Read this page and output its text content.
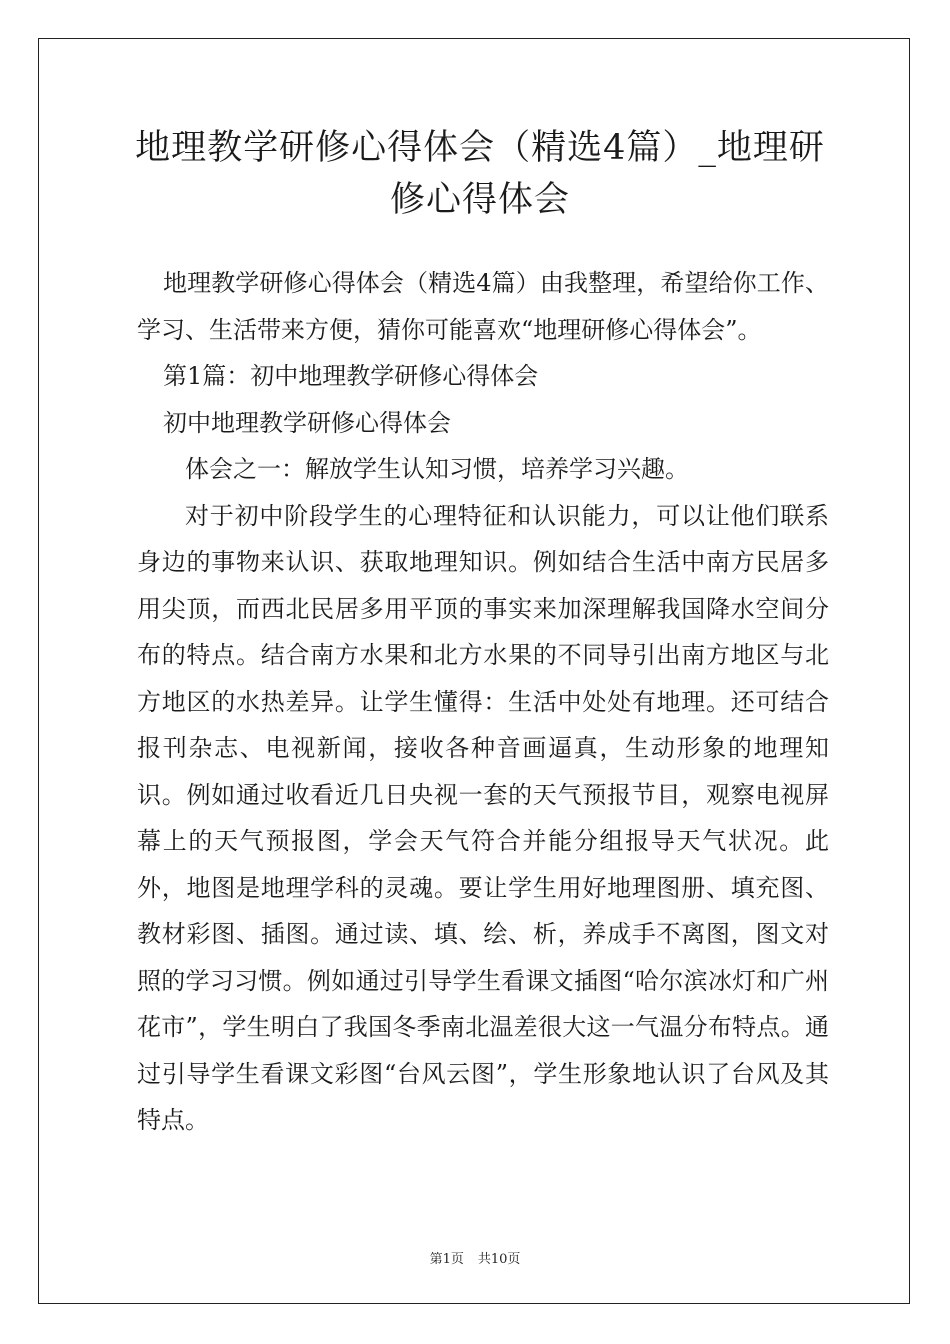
地理教学研修心得体会（精选4篇）_地理研修心得体会

地理教学研修心得体会（精选4篇）由我整理，希望给你工作、学习、生活带来方便，猜你可能喜欢“地理研修心得体会”。

第1篇：初中地理教学研修心得体会

初中地理教学研修心得体会

体会之一：解放学生认知习惯，培养学习兴趣。

对于初中阶段学生的心理特征和认识能力，可以让他们联系身边的事物来认识、获取地理知识。例如结合生活中南方民居多用尖顶，而西北民居多用平顶的事实来加深理解我国降水空间分布的特点。结合南方水果和北方水果的不同导引出南方地区与北方地区的水热差异。让学生懂得：生活中处处有地理。还可结合报刊杂志、电视新闻，接收各种音画逼真，生动形象的地理知识。例如通过收看近几日央视一套的天气预报节目，观察电视屏幕上的天气预报图，学会天气符合并能分组报导天气状况。此外，地图是地理学科的灵魂。要让学生用好地理图册、填充图、教材彩图、插图。通过读、填、绘、析，养成手不离图，图文对照的学习习惯。例如通过引导学生看课文插图“哈尔滨冰灯和广州花市”，学生明白了我国冬季南北温差很大这一气温分布特点。通过引导学生看课文彩图“台风云图”，学生形象地认识了台风及其特点。

第1页 共10页
